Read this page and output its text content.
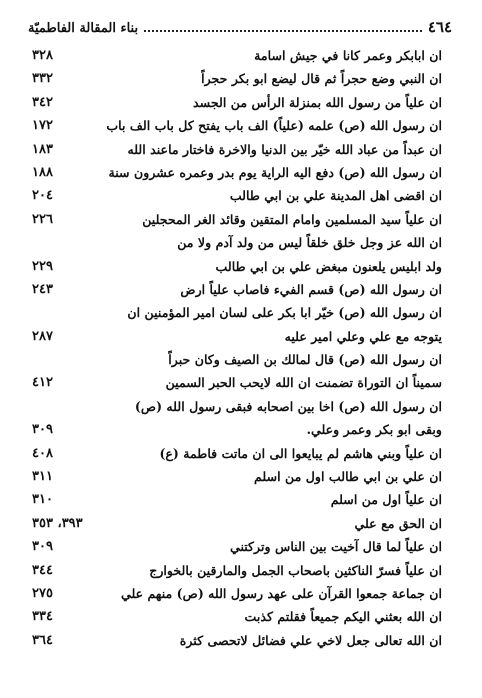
٤٦٤
بناء المقالة الفاطميّة
ان ابابكر وعمر كانا في جيش اسامة
٣٢٨
ان النبي وضع حجراً ثم قال ليضع ابو بكر حجراً
٣٣٢
ان علياً من رسول الله بمنزلة الرأس من الجسد
٣٤٢
ان رسول الله (ص) علمه (علياً) الف باب يفتح كل باب الف باب
١٧٢
ان عبداً من عباد الله خيّر بين الدنيا والاخرة فاختار ماعند الله
١٨٣
ان رسول الله (ص) دفع اليه الراية يوم بدر وعمره عشرون سنة
١٨٨
ان اقضى اهل المدينة علي بن ابي طالب
٢٠٤
ان علياً سيد المسلمين وامام المتقين وقائد الغر المحجلين
٢٢٦
ان الله عز وجل خلق خلقاً ليس من ولد آدم ولا من
ولد ابليس يلعنون مبغض علي بن ابي طالب
٢٢٩
ان رسول الله (ص) قسم الفيء فاصاب علياً ارض
٢٤٣
ان رسول الله (ص) خيّر ابا بكر على لسان امير المؤمنين ان
يتوجه مع علي وعلي امير عليه
٢٨٧
ان رسول الله (ص) قال لمالك بن الصيف وكان حبراً
سميناً ان التوراة تضمنت ان الله لايحب الحبر السمين
٤١٢
ان رسول الله (ص) اخا بين اصحابه فبقى رسول الله (ص)
وبقى ابو بكر وعمر وعلي.
٣٠٩
ان علياً وبني هاشم لم يبايعوا الى ان ماتت فاطمة (ع)
٤٠٨
ان علي بن ابي طالب اول من اسلم
٣١١
ان علياً اول من اسلم
٣١٠
ان الحق مع علي
٣٩٣، ٣٥٣
ان علياً لما قال آخيت بين الناس وتركتني
٣٠٩
ان علياً فسرّ الناكثين باصحاب الجمل والمارقين بالخوارج
٣٤٤
ان جماعة جمعوا القرآن على عهد رسول الله (ص) منهم علي
٢٧٥
ان الله بعثني اليكم جميعاً فقلتم كذبت
٣٣٤
ان الله تعالى جعل لاخي علي فضائل لاتحصى كثرة
٣٦٤
